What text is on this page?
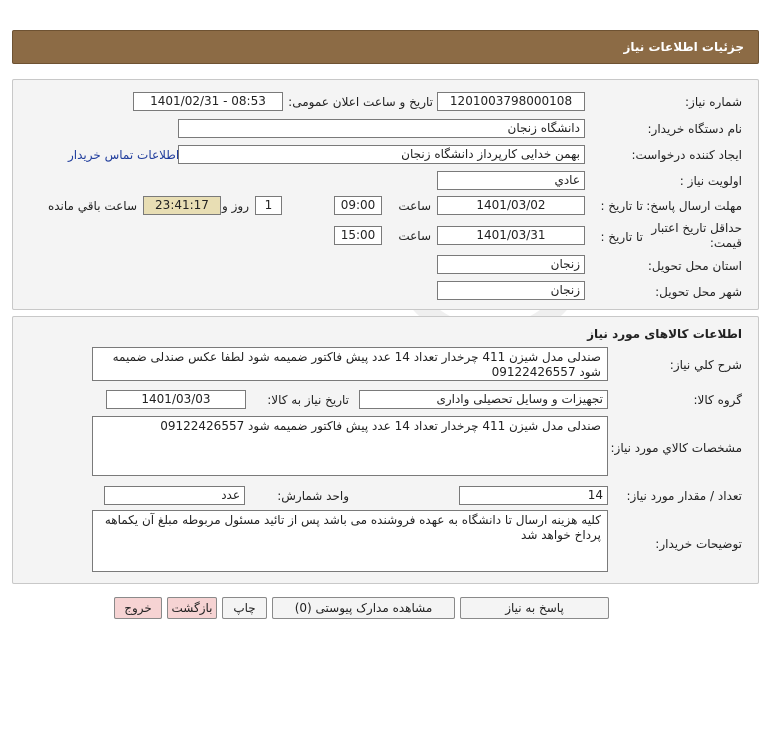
جزئیات اطلاعات نیاز
شماره نیاز:
1201003798000108
تاریخ و ساعت اعلان عمومی:
1401/02/31 - 08:53
نام دستگاه خریدار:
دانشگاه زنجان
ایجاد کننده درخواست:
بهمن خدایی کارپرداز دانشگاه زنجان
اطلاعات تماس خریدار
اولویت نیاز :
عادي
مهلت ارسال پاسخ:
تا تاریخ :
1401/03/02
ساعت
09:00
1
روز و
23:41:17
ساعت باقي مانده
حداقل تاریخ اعتبار
قیمت:
تا تاریخ :
1401/03/31
ساعت
15:00
استان محل تحویل:
زنجان
شهر محل تحویل:
زنجان
اطلاعات کالاهای مورد نیاز
شرح کلي نیاز:
صندلی مدل شیزن 411 چرخدار تعداد 14 عدد پیش فاکتور ضمیمه شود لطفا عکس صندلی ضمیمه شود 09122426557
گروه کالا:
تجهیزات و وسایل تحصیلی واداری
تاریخ نیاز به کالا:
1401/03/03
مشخصات کالاي مورد نیاز:
صندلی مدل شیزن 411 چرخدار تعداد 14 عدد پیش فاکتور ضمیمه شود 09122426557
تعداد / مقدار مورد نیاز:
14
واحد شمارش:
عدد
توضیحات خریدار:
کلیه هزینه ارسال تا دانشگاه به عهده فروشنده می باشد پس از تائید مسئول مربوطه مبلغ آن یکماهه پرداخ خواهد شد
پاسخ به نیاز
مشاهده مدارک پیوستی (0)
چاپ
بازگشت
خروج
